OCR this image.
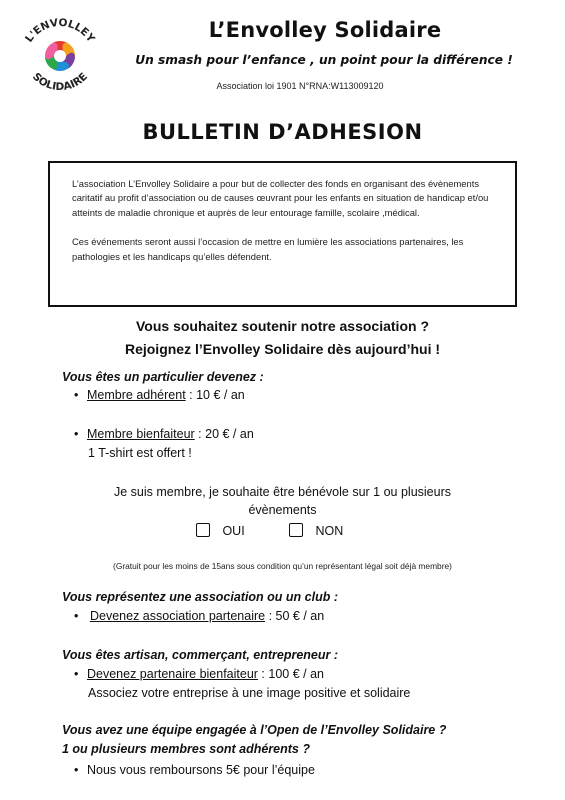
L'ENVOLLEY
SOLIDAIRE
L’Envolley Solidaire
Un smash pour l’enfance , un point pour la différence !
Association loi 1901 N°RNA:W113009120
BULLETIN D’ADHESION

L’association L’Envolley Solidaire a pour but de collecter des fonds en organisant des évènements caritatif au profit d’association ou de causes œuvrant pour les enfants en situation de handicap et/ou atteints de maladie chronique et auprès de leur entourage famille, scolaire ,médical.

Ces événements seront aussi l’occasion de mettre en lumière les associations partenaires, les pathologies et les handicaps qu’elles défendent.

Vous souhaitez soutenir notre association ?
Rejoignez l’Envolley Solidaire dès aujourd’hui !
Vous êtes un particulier devenez :
• Membre adhérent : 10 € / an
• Membre bienfaiteur : 20 € / an
1 T-shirt est offert !
Je suis membre, je souhaite être bénévole sur 1 ou plusieurs évènements
OUI	NON
(Gratuit pour les moins de 15ans sous condition qu’un représentant légal soit déjà membre)
Vous représentez une association ou un club :
• Devenez association partenaire : 50 € / an
Vous êtes artisan, commerçant, entrepreneur :
• Devenez partenaire bienfaiteur : 100 € / an
Associez votre entreprise à une image positive et solidaire
Vous avez une équipe engagée à l’Open de l’Envolley Solidaire ?
1 ou plusieurs membres sont adhérents ?
• Nous vous remboursons 5€ pour l’équipe
